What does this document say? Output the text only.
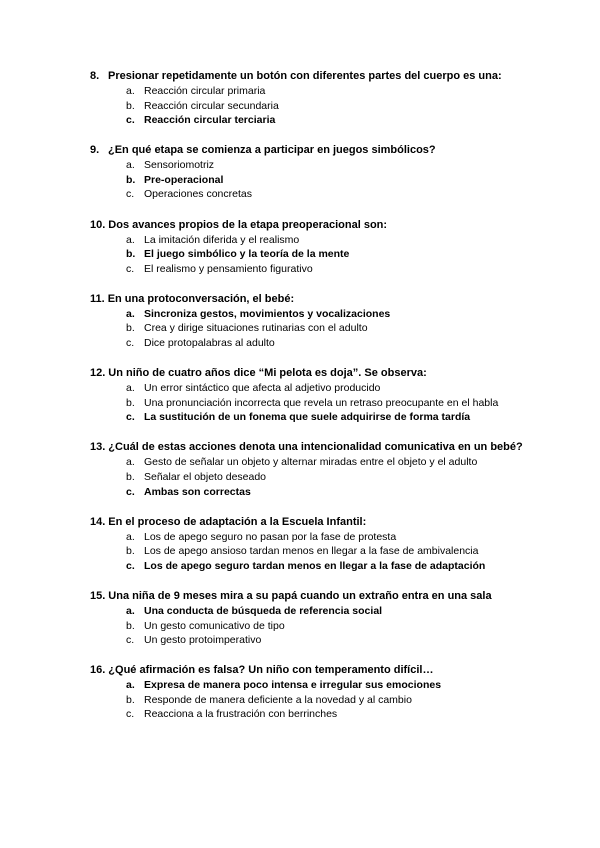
8. Presionar repetidamente un botón con diferentes partes del cuerpo es una:
a. Reacción circular primaria
b. Reacción circular secundaria
c. Reacción circular terciaria
9. ¿En qué etapa se comienza a participar en juegos simbólicos?
a. Sensoriomotriz
b. Pre-operacional
c. Operaciones concretas
10. Dos avances propios de la etapa preoperacional son:
a. La imitación diferida y el realismo
b. El juego simbólico y la teoría de la mente
c. El realismo y pensamiento figurativo
11. En una protoconversación, el bebé:
a. Sincroniza gestos, movimientos y vocalizaciones
b. Crea y dirige situaciones rutinarias con el adulto
c. Dice protopalabras al adulto
12. Un niño de cuatro años dice “Mi pelota es doja”. Se observa:
a. Un error sintáctico que afecta al adjetivo producido
b. Una pronunciación incorrecta que revela un retraso preocupante en el habla
c. La sustitución de un fonema que suele adquirirse de forma tardía
13. ¿Cuál de estas acciones denota una intencionalidad comunicativa en un bebé?
a. Gesto de señalar un objeto y alternar miradas entre el objeto y el adulto
b. Señalar el objeto deseado
c. Ambas son correctas
14. En el proceso de adaptación a la Escuela Infantil:
a. Los de apego seguro no pasan por la fase de protesta
b. Los de apego ansioso tardan menos en llegar a la fase de ambivalencia
c. Los de apego seguro tardan menos en llegar a la fase de adaptación
15. Una niña de 9 meses mira a su papá cuando un extraño entra en una sala
a. Una conducta de búsqueda de referencia social
b. Un gesto comunicativo de tipo
c. Un gesto protoimperativo
16. ¿Qué afirmación es falsa? Un niño con temperamento difícil…
a. Expresa de manera poco intensa e irregular sus emociones
b. Responde de manera deficiente a la novedad y al cambio
c. Reacciona a la frustración con berrinches
